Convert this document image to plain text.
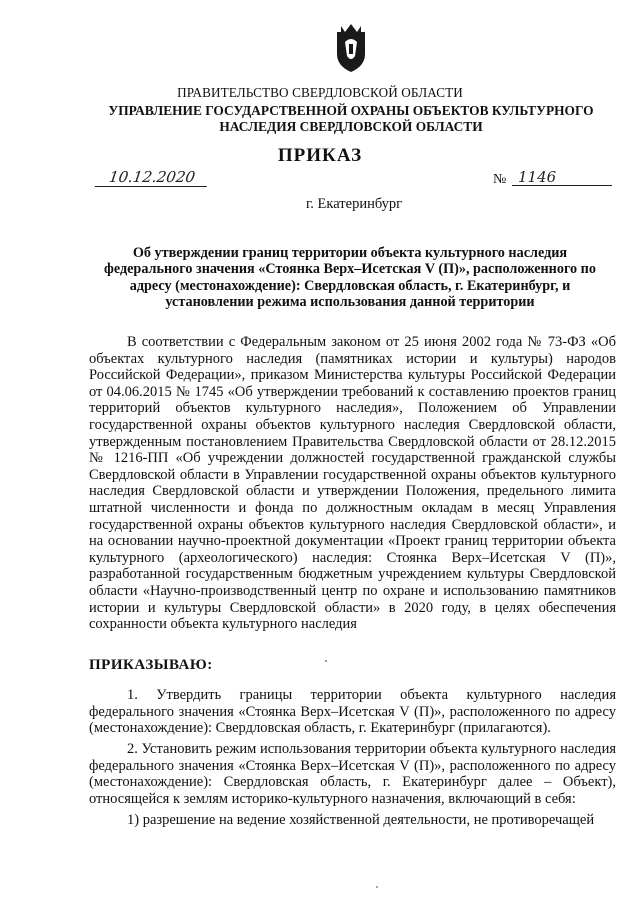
ПРАВИТЕЛЬСТВО СВЕРДЛОВСКОЙ ОБЛАСТИ
УПРАВЛЕНИЕ ГОСУДАРСТВЕННОЙ ОХРАНЫ ОБЪЕКТОВ КУЛЬТУРНОГО НАСЛЕДИЯ СВЕРДЛОВСКОЙ ОБЛАСТИ
ПРИКАЗ
10.12.2020	№ 1146
г. Екатеринбург
Об утверждении границ территории объекта культурного наследия федерального значения «Стоянка Верх–Исетская V (П)», расположенного по адресу (местонахождение): Свердловская область, г. Екатеринбург, и установлении режима использования данной территории
В соответствии с Федеральным законом от 25 июня 2002 года № 73-ФЗ «Об объектах культурного наследия (памятниках истории и культуры) народов Российской Федерации», приказом Министерства культуры Российской Федерации от 04.06.2015 № 1745 «Об утверждении требований к составлению проектов границ территорий объектов культурного наследия», Положением об Управлении государственной охраны объектов культурного наследия Свердловской области, утвержденным постановлением Правительства Свердловской области от 28.12.2015 № 1216-ПП «Об учреждении должностей государственной гражданской службы Свердловской области в Управлении государственной охраны объектов культурного наследия Свердловской области и утверждении Положения, предельного лимита штатной численности и фонда по должностным окладам в месяц Управления государственной охраны объектов культурного наследия Свердловской области», и на основании научно-проектной документации «Проект границ территории объекта культурного (археологического) наследия: Стоянка Верх–Исетская V (П)», разработанной государственным бюджетным учреждением культуры Свердловской области «Научно-производственный центр по охране и использованию памятников истории и культуры Свердловской области» в 2020 году, в целях обеспечения сохранности объекта культурного наследия
ПРИКАЗЫВАЮ:
1. Утвердить границы территории объекта культурного наследия федерального значения «Стоянка Верх–Исетская V (П)», расположенного по адресу (местонахождение): Свердловская область, г. Екатеринбург (прилагаются).
2. Установить режим использования территории объекта культурного наследия федерального значения «Стоянка Верх–Исетская V (П)», расположенного по адресу (местонахождение): Свердловская область, г. Екатеринбург далее – Объект), относящейся к землям историко-культурного назначения, включающий в себя:
1) разрешение на ведение хозяйственной деятельности, не противоречащей
